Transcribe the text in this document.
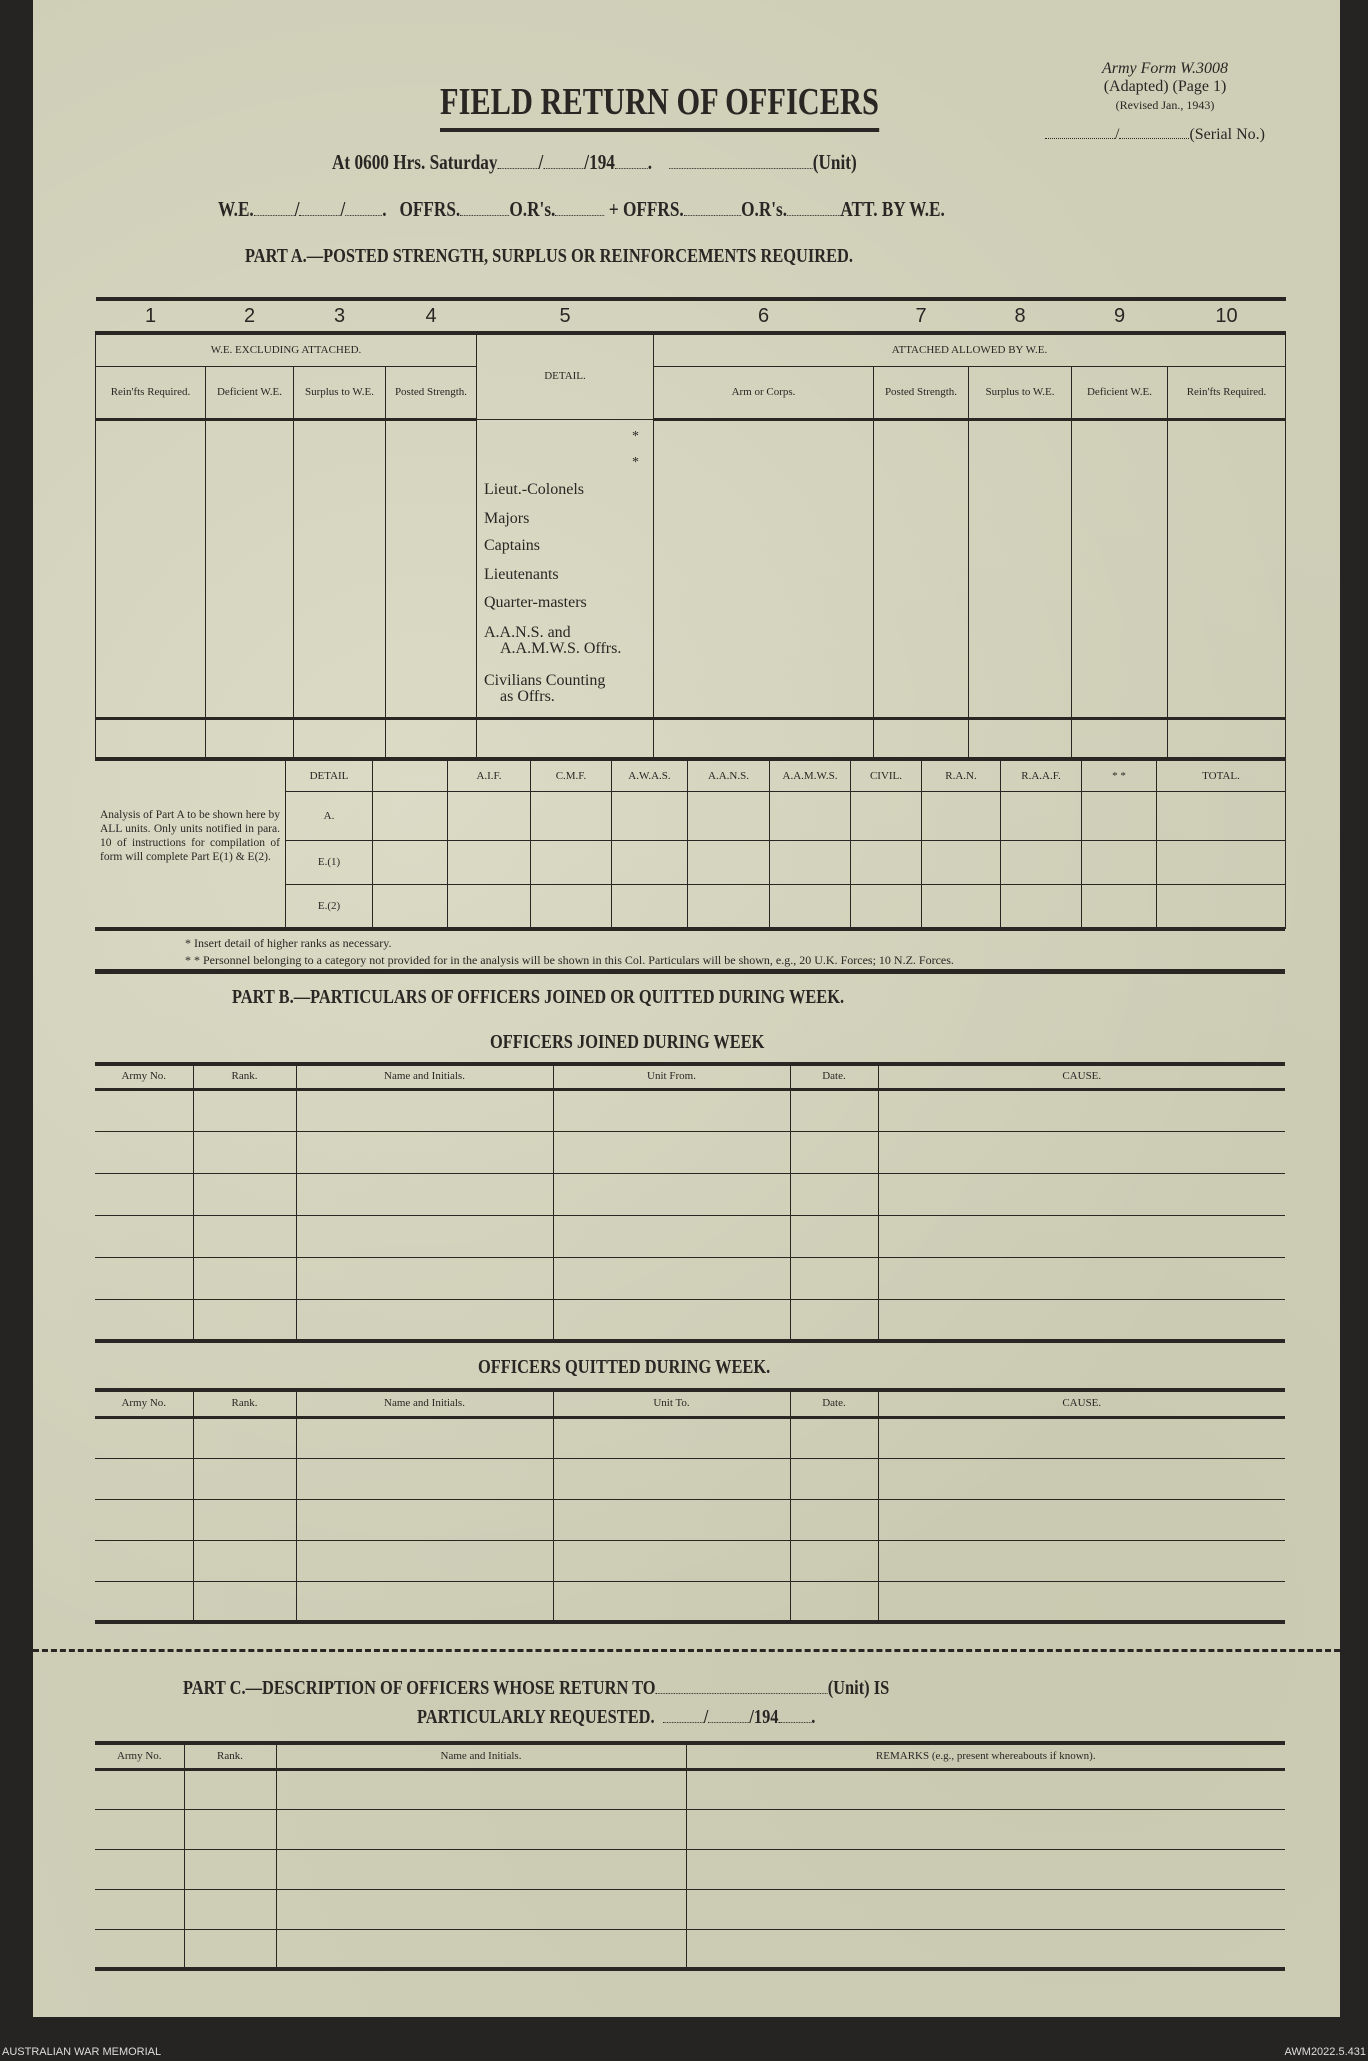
Army Form W.3008
(Adapted) (Page 1)
(Revised Jan., 1943)
/	(Serial No.)
FIELD RETURN OF OFFICERS
At 0600 Hrs. Saturday / /194 .	(Unit)
W.E. / / .   OFFRS. O.R's.	+ OFFRS.	O.R's.	ATT. BY W.E.
PART A.—POSTED STRENGTH, SURPLUS OR REINFORCEMENTS REQUIRED.
1	2	3	4	5	6	7	8	9	10
W.E. EXCLUDING ATTACHED.				DETAIL.	ATTACHED ALLOWED BY W.E.				
Rein'fts Required.	Deficient W.E.	Surplus to W.E.	Posted Strength.		Arm or Corps.	Posted Strength.	Surplus to W.E.	Deficient W.E.	Rein'fts Required.

*
*
Lieut.-Colonels
Majors
Captains
Lieutenants
Quarter-masters
A.A.N.S. and
A.A.M.W.S. Offrs.
Civilians Counting
as Offrs.
Analysis of Part A to be shown here by ALL units. Only units notified in para. 10 of instructions for compilation of form will complete Part E(1) & E(2).
DETAIL		A.I.F.	C.M.F.	A.W.A.S.	A.A.N.S.	A.A.M.W.S.	CIVIL.	R.A.N.	R.A.A.F.	* *	TOTAL.
A.											
E.(1)											
E.(2)											
* Insert detail of higher ranks as necessary.
* * Personnel belonging to a category not provided for in the analysis will be shown in this Col. Particulars will be shown, e.g., 20 U.K. Forces; 10 N.Z. Forces.
PART B.—PARTICULARS OF OFFICERS JOINED OR QUITTED DURING WEEK.
OFFICERS JOINED DURING WEEK
Army No.	Rank.	Name and Initials.	Unit From.	Date.	CAUSE.

OFFICERS QUITTED DURING WEEK.
Army No.	Rank.	Name and Initials.	Unit To.	Date.	CAUSE.

PART C.—DESCRIPTION OF OFFICERS WHOSE RETURN TO	(Unit) IS
PARTICULARLY REQUESTED. / /194 .
Army No.	Rank.	Name and Initials.	REMARKS (e.g., present whereabouts if known).

AUSTRALIAN WAR MEMORIAL	AWM2022.5.431
